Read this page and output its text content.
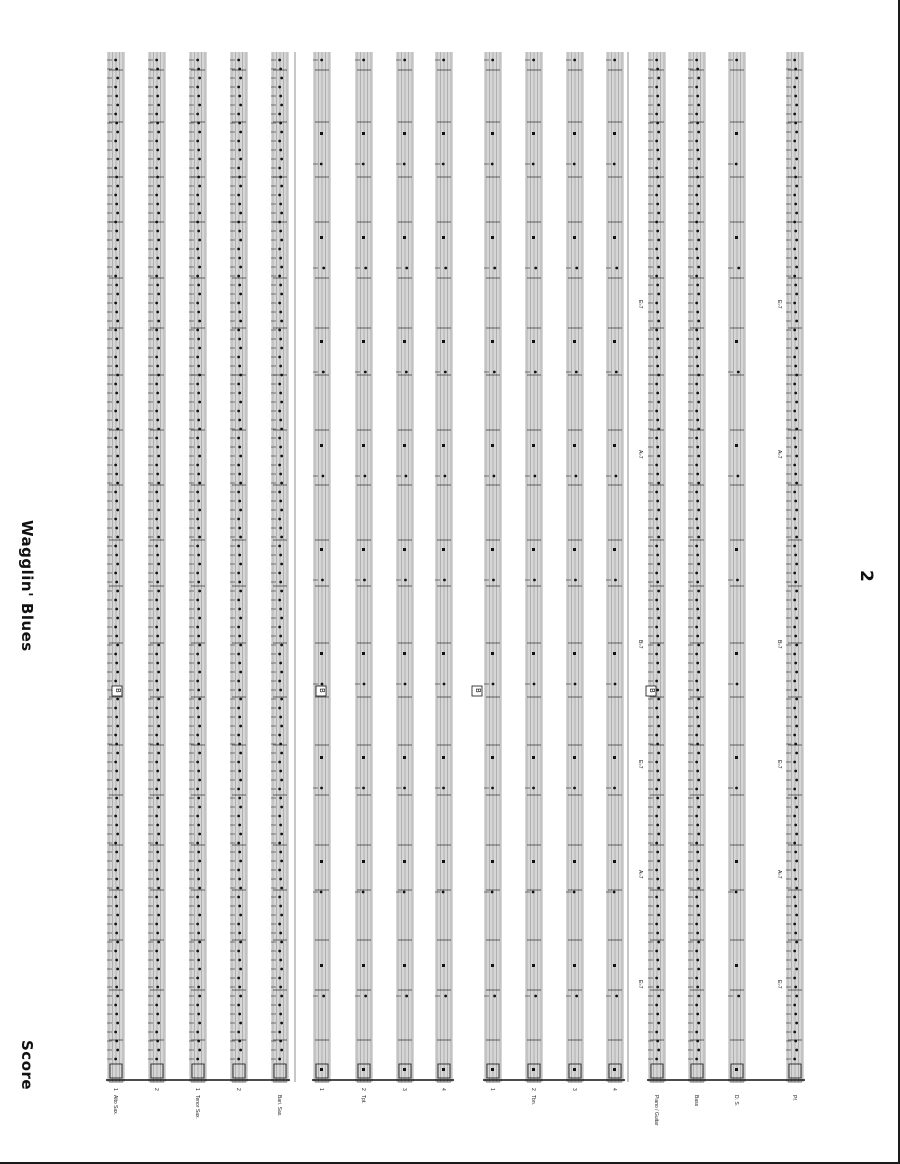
Score
Wagglin' Blues	2
Alto Sax.
1	2
Tenor Sax.
1	2
Bari. Sax.
1
Tpt.
2	3	4	1
Tbn.
2	3	4
Piano / Guitar	Bass	D. S.	Pf.
E♭7
A♭7
E♭7
B♭7
A♭7
E♭7
E♭7
A♭7
E♭7
B♭7
A♭7
E♭7
B	B	B	B
